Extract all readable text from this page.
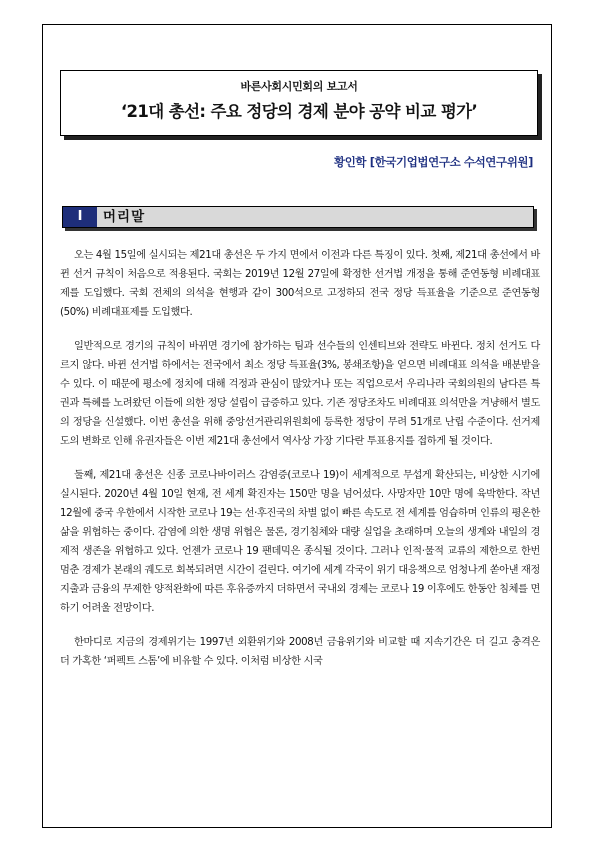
바른사회시민회의 보고서
‘21대 총선: 주요 정당의 경제 분야 공약 비교 평가’
황인학 [한국기업법연구소 수석연구위원]
I	머리말

오는 4월 15일에 실시되는 제21대 총선은 두 가지 면에서 이전과 다른 특징이 있다. 첫째, 제21대 총선에서 바뀐 선거 규칙이 처음으로 적용된다. 국회는 2019년 12월 27일에 확정한 선거법 개정을 통해 준연동형 비례대표제를 도입했다. 국회 전체의 의석을 현행과 같이 300석으로 고정하되 전국 정당 득표율을 기준으로 준연동형(50%) 비례대표제를 도입했다.

일반적으로 경기의 규칙이 바뀌면 경기에 참가하는 팀과 선수들의 인센티브와 전략도 바뀐다. 정치 선거도 다르지 않다. 바뀐 선거법 하에서는 전국에서 최소 정당 득표율(3%, 봉쇄조항)을 얻으면 비례대표 의석을 배분받을 수 있다. 이 때문에 평소에 정치에 대해 걱정과 관심이 많았거나 또는 직업으로서 우리나라 국회의원의 남다른 특권과 특혜를 노려왔던 이들에 의한 정당 설립이 급증하고 있다. 기존 정당조차도 비례대표 의석만을 겨냥해서 별도의 정당을 신설했다. 이번 총선을 위해 중앙선거관리위원회에 등록한 정당이 무려 51개로 난립 수준이다. 선거제도의 변화로 인해 유권자들은 이번 제21대 총선에서 역사상 가장 기다란 투표용지를 접하게 될 것이다.

둘째, 제21대 총선은 신종 코로나바이러스 감염증(코로나 19)이 세계적으로 무섭게 확산되는, 비상한 시기에 실시된다. 2020년 4월 10일 현재, 전 세계 확진자는 150만 명을 넘어섰다. 사망자만 10만 명에 육박한다. 작년 12월에 중국 우한에서 시작한 코로나 19는 선·후진국의 차별 없이 빠른 속도로 전 세계를 엄습하며 인류의 평온한 삶을 위협하는 중이다. 감염에 의한 생명 위협은 물론, 경기침체와 대량 실업을 초래하며 오늘의 생계와 내일의 경제적 생존을 위협하고 있다. 언젠가 코로나 19 팬데믹은 종식될 것이다. 그러나 인적·물적 교류의 제한으로 한번 멈춘 경제가 본래의 궤도로 회복되려면 시간이 걸린다. 여기에 세계 각국이 위기 대응책으로 엄청나게 쏟아낸 재정지출과 금융의 무제한 양적완화에 따른 후유증까지 더하면서 국내외 경제는 코로나 19 이후에도 한동안 침체를 면하기 어려울 전망이다.

한마디로 지금의 경제위기는 1997년 외환위기와 2008년 금융위기와 비교할 때 지속기간은 더 길고 충격은 더 가혹한 ‘퍼펙트 스톰’에 비유할 수 있다. 이처럼 비상한 시국
